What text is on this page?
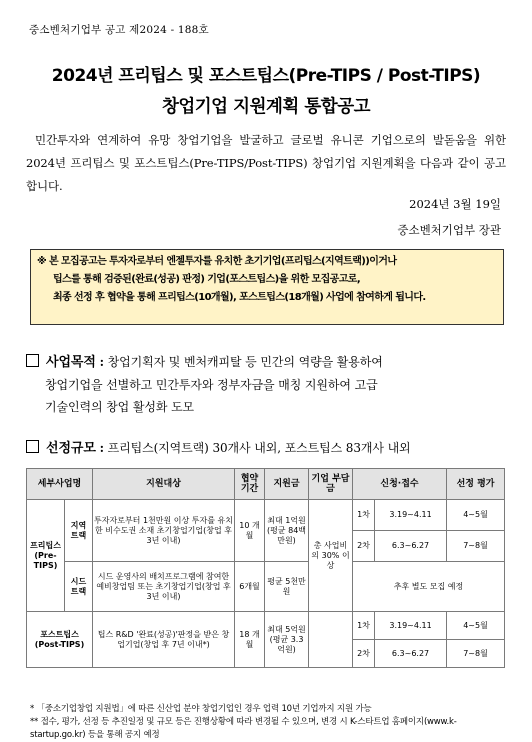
중소벤처기업부 공고 제2024 - 188호
2024년 프리팁스 및 포스트팁스(Pre-TIPS / Post-TIPS)
창업기업 지원계획 통합공고
민간투자와 연계하여 유망 창업기업을 발굴하고 글로벌 유니콘 기업으로의 발돋움을 위한 2024년 프리팁스 및 포스트팁스(Pre-TIPS/Post-TIPS) 창업기업 지원계획을 다음과 같이 공고합니다.
2024년 3월 19일
중소벤처기업부 장관
※ 본 모집공고는 투자자로부터 엔젤투자를 유치한 초기기업(프리팁스(지역트랙))이거나
팁스를 통해 검증된(완료(성공) 판정) 기업(포스트팁스)을 위한 모집공고로,
최종 선정 후 협약을 통해 프리팁스(10개월), 포스트팁스(18개월) 사업에 참여하게 됩니다.
사업목적 : 창업기획자 및 벤처캐피탈 등 민간의 역량을 활용하여
창업기업을 선별하고 민간투자와 정부자금을 매칭 지원하여 고급
기술인력의 창업 활성화 도모
선정규모 : 프리팁스(지역트랙) 30개사 내외, 포스트팁스 83개사 내외
세부사업명		지원대상	협약 기간	지원금	기업 부담금	신청·접수		선정 평가
프리팁스 (Pre-TIPS)	지역 트랙	투자자로부터 1천만원 이상 투자를 유치한 비수도권 소재 초기창업기업(창업 후 3년 이내)	10 개월	최대 1억원 (평균 84백만원)	총 사업비의 30% 이상	1차	3.19~4.11	4~5월
						2차	6.3~6.27	7~8월
	시드 트랙	시드 운영사의 배치프로그램에 참여한 예비창업팀 또는 초기창업기업(창업 후 3년 이내)	6개월	평균 5천만원		추후 별도 모집 예정		

포스트팁스 (Post-TIPS)		팁스 R&D '완료(성공)'판정을 받은 창업기업(창업 후 7년 이내*)	18 개월	최대 5억원 (평균 3.3억원)		1차	3.19~4.11	4~5월
						2차	6.3~6.27	7~8월
* 「중소기업창업 지원법」에 따른 신산업 분야 창업기업인 경우 업력 10년 기업까지 지원 가능
** 접수, 평가, 선정 등 추진일정 및 규모 등은 진행상황에 따라 변경될 수 있으며, 변경 시 K-스타트업 홈페이지(www.k-startup.go.kr) 등을 통해 공지 예정
